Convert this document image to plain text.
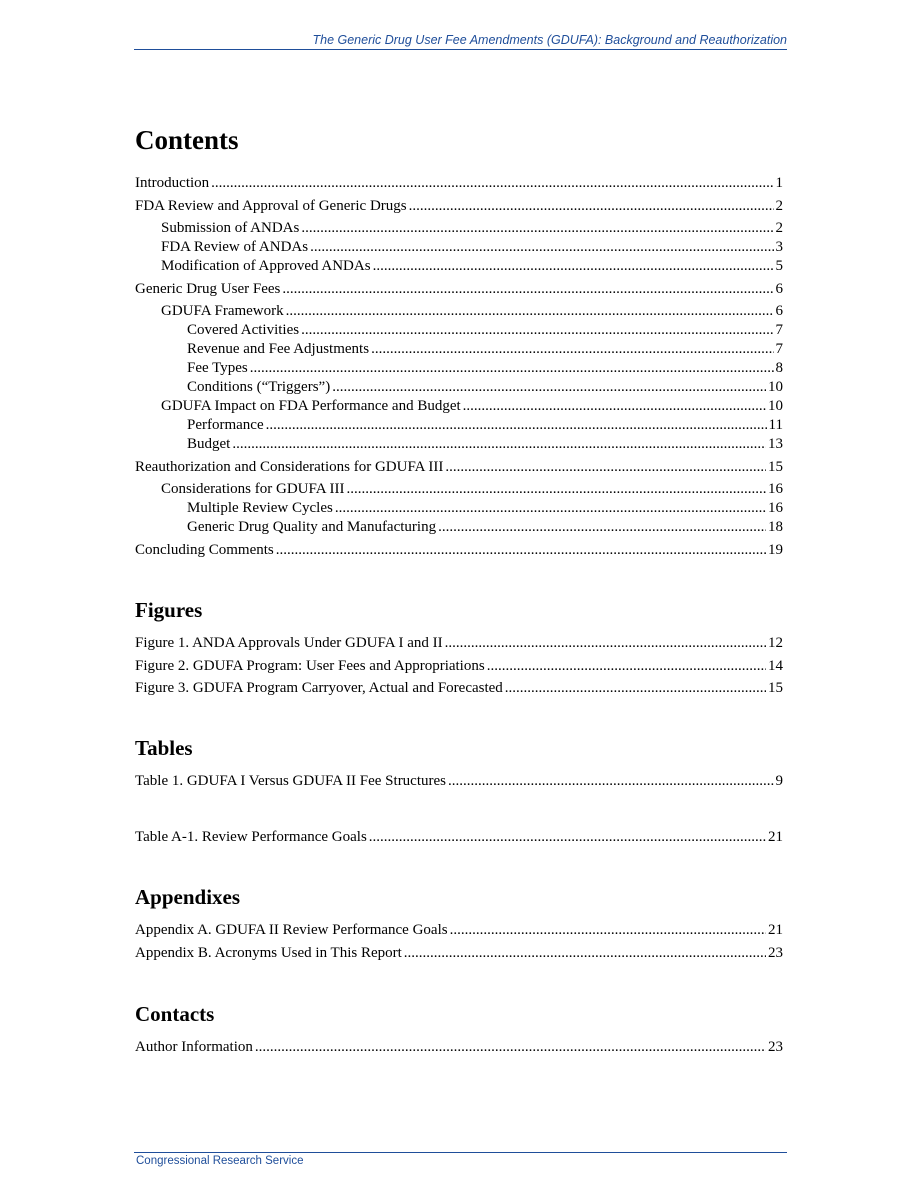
The Generic Drug User Fee Amendments (GDUFA): Background and Reauthorization
Contents
Introduction .....	1
FDA Review and Approval of Generic Drugs .....	2
Submission of ANDAs .....	2
FDA Review of ANDAs .....	3
Modification of Approved ANDAs .....	5
Generic Drug User Fees .....	6
GDUFA Framework .....	6
Covered Activities .....	7
Revenue and Fee Adjustments .....	7
Fee Types .....	8
Conditions (“Triggers”) .....	10
GDUFA Impact on FDA Performance and Budget .....	10
Performance .....	11
Budget .....	13
Reauthorization and Considerations for GDUFA III .....	15
Considerations for GDUFA III .....	16
Multiple Review Cycles .....	16
Generic Drug Quality and Manufacturing .....	18
Concluding Comments .....	19
Figures
Figure 1. ANDA Approvals Under GDUFA I and II .....	12
Figure 2. GDUFA Program: User Fees and Appropriations .....	14
Figure 3. GDUFA Program Carryover, Actual and Forecasted .....	15
Tables
Table 1. GDUFA I Versus GDUFA II Fee Structures .....	9
Table A-1. Review Performance Goals .....	21
Appendixes
Appendix A. GDUFA II Review Performance Goals .....	21
Appendix B. Acronyms Used in This Report .....	23
Contacts
Author Information .....	23
Congressional Research Service
